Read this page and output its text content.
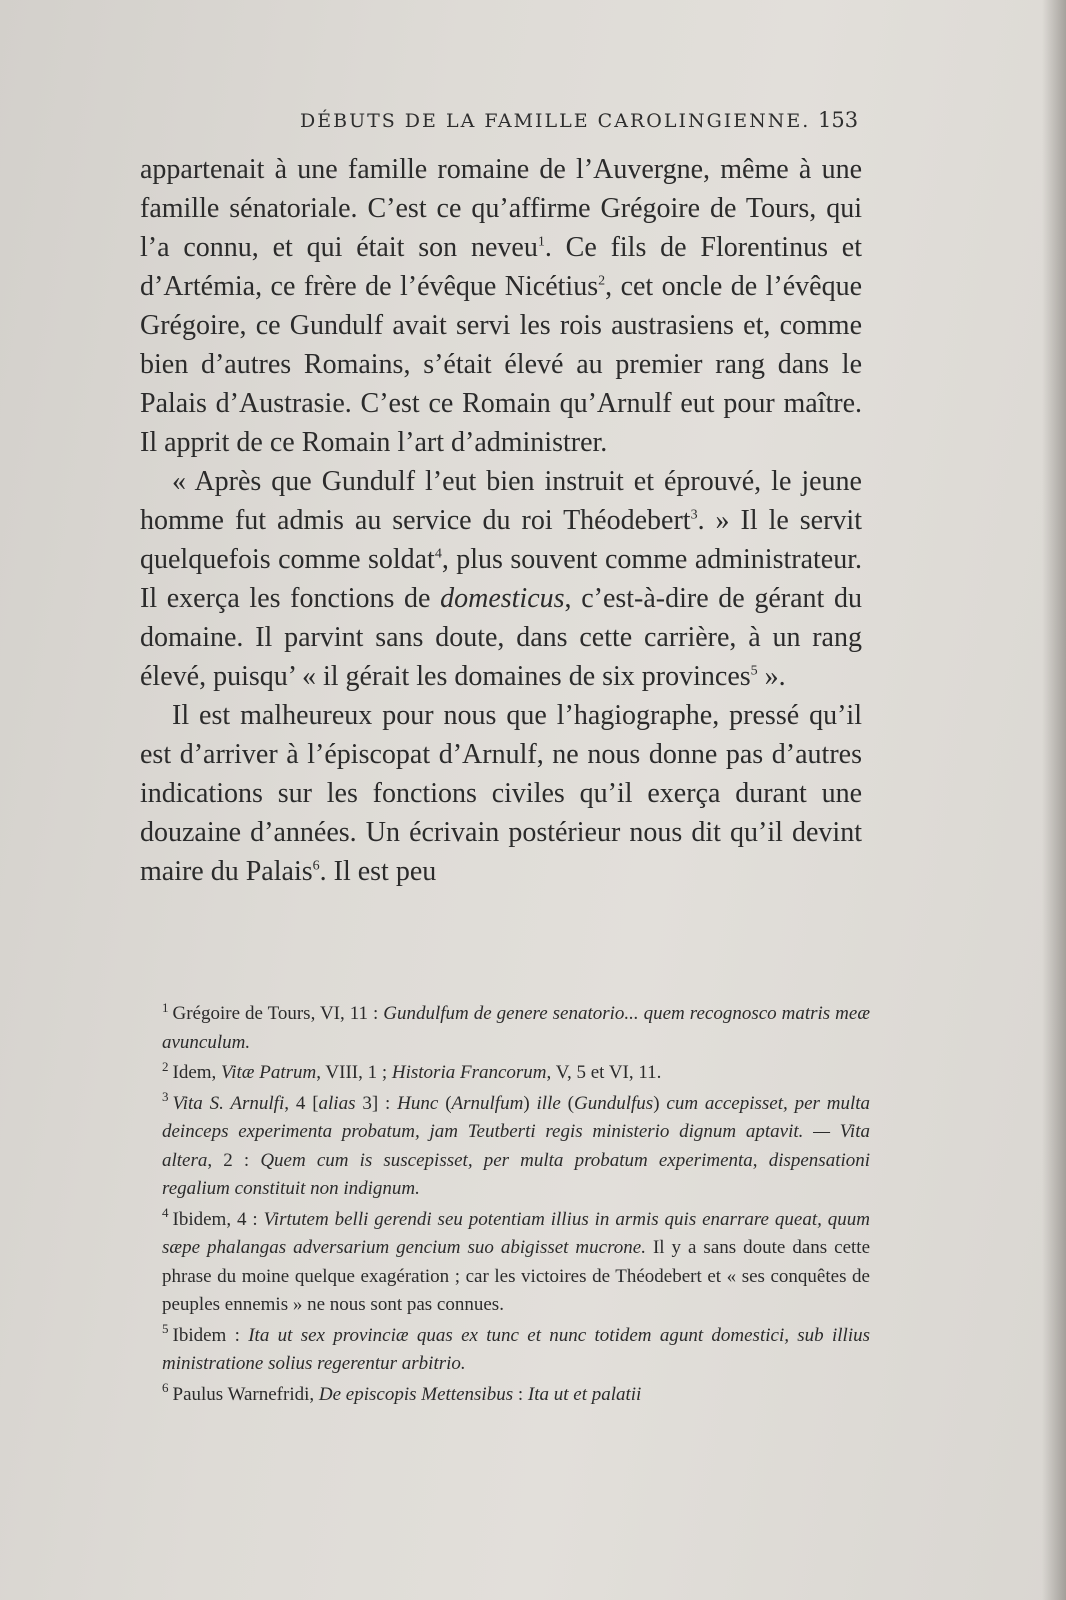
DÉBUTS DE LA FAMILLE CAROLINGIENNE. 153

appartenait à une famille romaine de l’Auvergne, même à une famille sénatoriale. C’est ce qu’affirme Grégoire de Tours, qui l’a connu, et qui était son neveu$^1$. Ce fils de Florentinus et d’Artémia, ce frère de l’évêque Nicétius$^2$, cet oncle de l’évêque Grégoire, ce Gundulf avait servi les rois austrasiens et, comme bien d’autres Romains, s’était élevé au premier rang dans le Palais d’Austrasie. C’est ce Romain qu’Arnulf eut pour maître. Il apprit de ce Romain l’art d’administrer.

« Après que Gundulf l’eut bien instruit et éprouvé, le jeune homme fut admis au service du roi Théodebert$^3$. » Il le servit quelquefois comme soldat$^4$, plus souvent comme administrateur. Il exerça les fonctions de domesticus, c’est-à-dire de gérant du domaine. Il parvint sans doute, dans cette carrière, à un rang élevé, puisqu’ « il gérait les domaines de six provinces$^5$ ».

Il est malheureux pour nous que l’hagiographe, pressé qu’il est d’arriver à l’épiscopat d’Arnulf, ne nous donne pas d’autres indications sur les fonctions civiles qu’il exerça durant une douzaine d’années. Un écrivain postérieur nous dit qu’il devint maire du Palais$^6$. Il est peu

$^1$ Grégoire de Tours, VI, 11 : Gundulfum de genere senatorio... quem recognosco matris meæ avunculum.

$^2$ Idem, Vitæ Patrum, VIII, 1 ; Historia Francorum, V, 5 et VI, 11.

$^3$ Vita S. Arnulfi, 4 [alias 3] : Hunc (Arnulfum) ille (Gundulfus) cum accepisset, per multa deinceps experimenta probatum, jam Teutberti regis ministerio dignum aptavit. — Vita altera, 2 : Quem cum is suscepisset, per multa probatum experimenta, dispensationi regalium constituit non indignum.

$^4$ Ibidem, 4 : Virtutem belli gerendi seu potentiam illius in armis quis enarrare queat, quum sæpe phalangas adversarium gencium suo abigisset mucrone. Il y a sans doute dans cette phrase du moine quelque exagération ; car les victoires de Théodebert et « ses conquêtes de peuples ennemis » ne nous sont pas connues.

$^5$ Ibidem : Ita ut sex provinciæ quas ex tunc et nunc totidem agunt domestici, sub illius ministratione solius regerentur arbitrio.

$^6$ Paulus Warnefridi, De episcopis Mettensibus : Ita ut et palatii
